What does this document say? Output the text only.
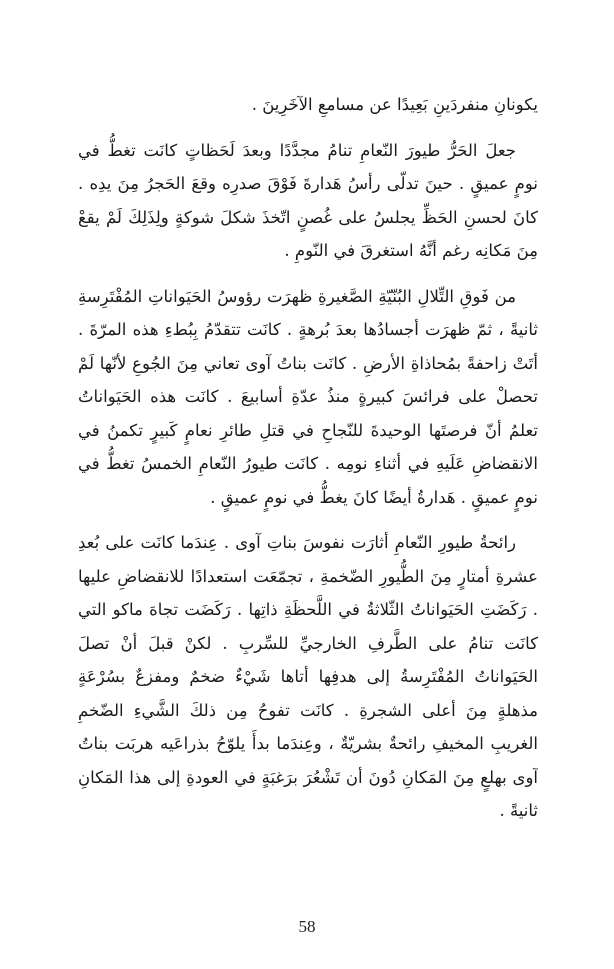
يكونانِ منفردَينِ بَعِيدًا عن مسامعِ الآخَرِينَ .

جعلَ الحَرُّ طيورَ النّعامِ تنامُ مجدَّدًا وبعدَ لَحَظاتٍ كانَت تغطُّ في نومٍ عميقٍ . حينَ تدلّى رأسُ هَدارةَ فَوْقَ صدرِه وقعَ الحَجرُ مِنَ يدِه . كانَ لحسنِ الحَظِّ يجلسُ على غُصنٍ اتّخذَ شكلَ شوكةٍ ولِذَلِكَ لَمْ يقعْ مِنَ مَكانِه رغم أنَّهُ استغرقَ في النّومِ .

من فَوقِ التِّلالِ البُنّيّةِ الصَّغيرةِ ظهرَت رؤوسُ الحَيَواناتِ المُفْتَرِسةِ ثانيةً ، ثمّ ظهرَت أجسادُها بعدَ بُرهةٍ . كانَت تتقدّمُ بِبُطءِ هذه المرّةَ . أتَتْ زاحفةً بمُحاذاةِ الأرضِ . كانَت بناتُ آوى تعاني مِنَ الجُوعِ لأنّها لَمْ تحصلْ على فرائسَ كبيرةٍ منذُ عدّةِ أسابيعَ . كانَت هذه الحَيَواناتُ تعلمُ أنّ فرصتَها الوحيدةَ للنّجاحِ في قتلِ طائرِ نعامٍ كَبيرٍ تكمنُ في الانقضاضِ عَلَيهِ في أثناءِ نومِه . كانَت طيورُ النّعامِ الخمسُ تغطُّ في نومٍ عميقٍ . هَدارةُ أيضًا كانَ يغطُّ في نومٍ عميقٍ .

رائحةُ طيورِ النّعامِ أثارَت نفوسَ بناتِ آوى . عِندَما كانَت على بُعدِ عشرةِ أمتارٍ مِنَ الطُّيورِ الضّخمةِ ، تجمّعَت استعدادًا للانقضاضِ عليها . رَكَضَتِ الحَيَواناتُ الثّلاثةُ في اللَّحظَةِ ذاتِها . رَكَضَت تجاهَ ماكو التي كانَت تنامُ على الطَّرفِ الخارجيِّ للسِّربِ . لكنْ قبلَ أنْ تصلَ الحَيَواناتُ المُفْتَرِسةُ إلى هدفِها أتاها شَيْءٌ ضخمٌ ومفزعٌ بسُرْعَةٍ مذهلةٍ مِنَ أعلى الشجرةِ . كانَت تفوحُ مِن ذلكَ الشَّيءِ الضّخمِ الغريبِ المخيفِ رائحةٌ بشريّةٌ ، وعِندَما بدأَ يلوّحُ بذراعَيه هربَت بناتُ آوى بهلعٍ مِنَ المَكانِ دُونَ أن تَشْعُرَ برَغبَةٍ في العودةِ إلى هذا المَكانِ ثانيةً .

58
